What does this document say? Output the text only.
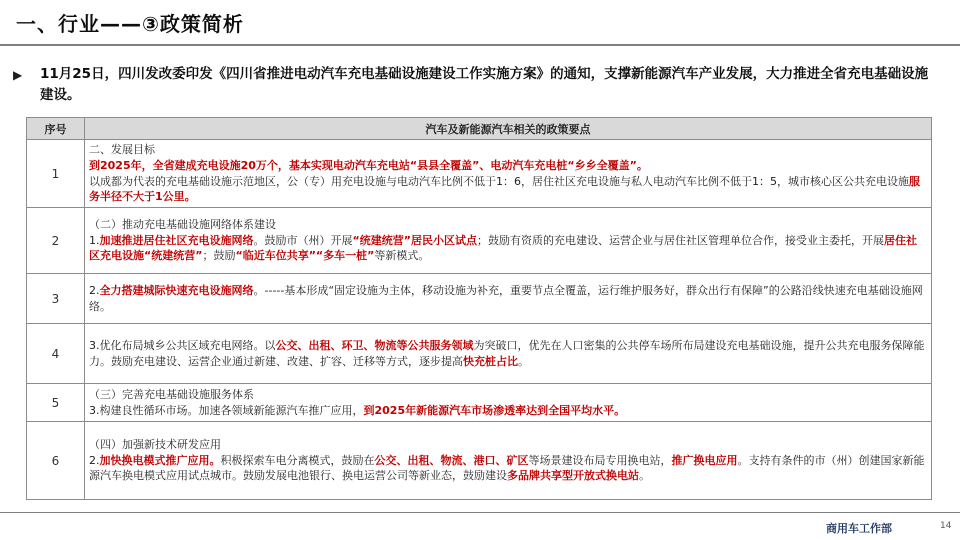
一、行业——③政策简析
▶ 11月25日，四川发改委印发《四川省推进电动汽车充电基础设施建设工作实施方案》的通知，支撑新能源汽车产业发展，大力推进全省充电基础设施建设。
序号	汽车及新能源汽车相关的政策要点
1	二、发展目标
到2025年，全省建成充电设施20万个，基本实现电动汽车充电站“县县全覆盖”、电动汽车充电桩“乡乡全覆盖”。
以成都为代表的充电基础设施示范地区，公（专）用充电设施与电动汽车比例不低于1：6，居住社区充电设施与私人电动汽车比例不低于1：5，城市核心区公共充电设施服务半径不大于1公里。
2	（二）推动充电基础设施网络体系建设
1.加速推进居住社区充电设施网络。鼓励市（州）开展“统建统营”居民小区试点；鼓励有资质的充电建设、运营企业与居住社区管理单位合作，接受业主委托，开展居住社区充电设施“统建统营”；鼓励“临近车位共享”“多车一桩”等新模式。
3	2.全力搭建城际快速充电设施网络。-----基本形成“固定设施为主体，移动设施为补充，重要节点全覆盖，运行维护服务好，群众出行有保障”的公路沿线快速充电基础设施网络。
4	3.优化布局城乡公共区域充电网络。以公交、出租、环卫、物流等公共服务领域为突破口，优先在人口密集的公共停车场所布局建设充电基础设施，提升公共充电服务保障能力。鼓励充电建设、运营企业通过新建、改建、扩容、迁移等方式，逐步提高快充桩占比。
5	（三）完善充电基础设施服务体系
3.构建良性循环市场。加速各领域新能源汽车推广应用，到2025年新能源汽车市场渗透率达到全国平均水平。
6	（四）加强新技术研发应用
2.加快换电模式推广应用。积极探索车电分离模式，鼓励在公交、出租、物流、港口、矿区等场景建设布局专用换电站，推广换电应用。支持有条件的市（州）创建国家新能源汽车换电模式应用试点城市。鼓励发展电池银行、换电运营公司等新业态，鼓励建设多品牌共享型开放式换电站。
商用车工作部	14
